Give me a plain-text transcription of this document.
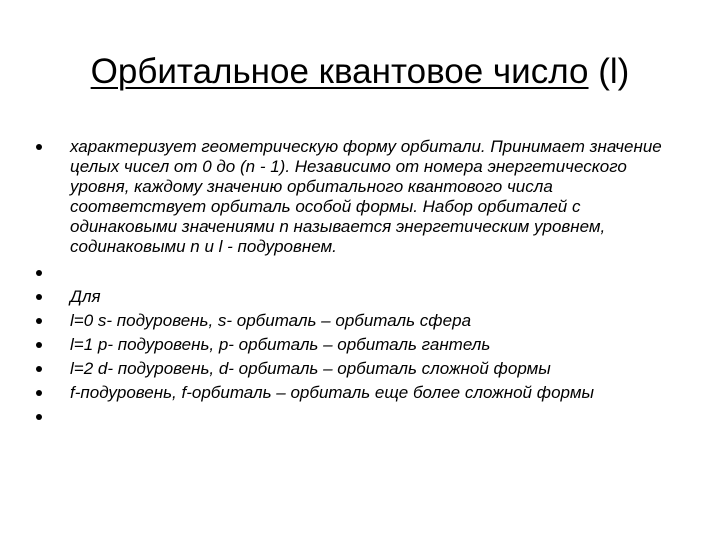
Орбитальное квантовое число (l)
характеризует геометрическую форму орбитали. Принимает значение целых чисел от 0 до (n - 1). Независимо от номера энергетического уровня, каждому значению орбитального квантового числа соответствует орбиталь особой формы. Набор орбиталей с одинаковыми значениями n называется энергетическим уровнем, содинаковыми n и l - подуровнем.
Для
l=0 s- подуровень, s- орбиталь – орбиталь сфера
l=1 p- подуровень, p- орбиталь – орбиталь гантель
l=2 d- подуровень, d- орбиталь – орбиталь сложной формы
f-подуровень, f-орбиталь – орбиталь еще более сложной формы
